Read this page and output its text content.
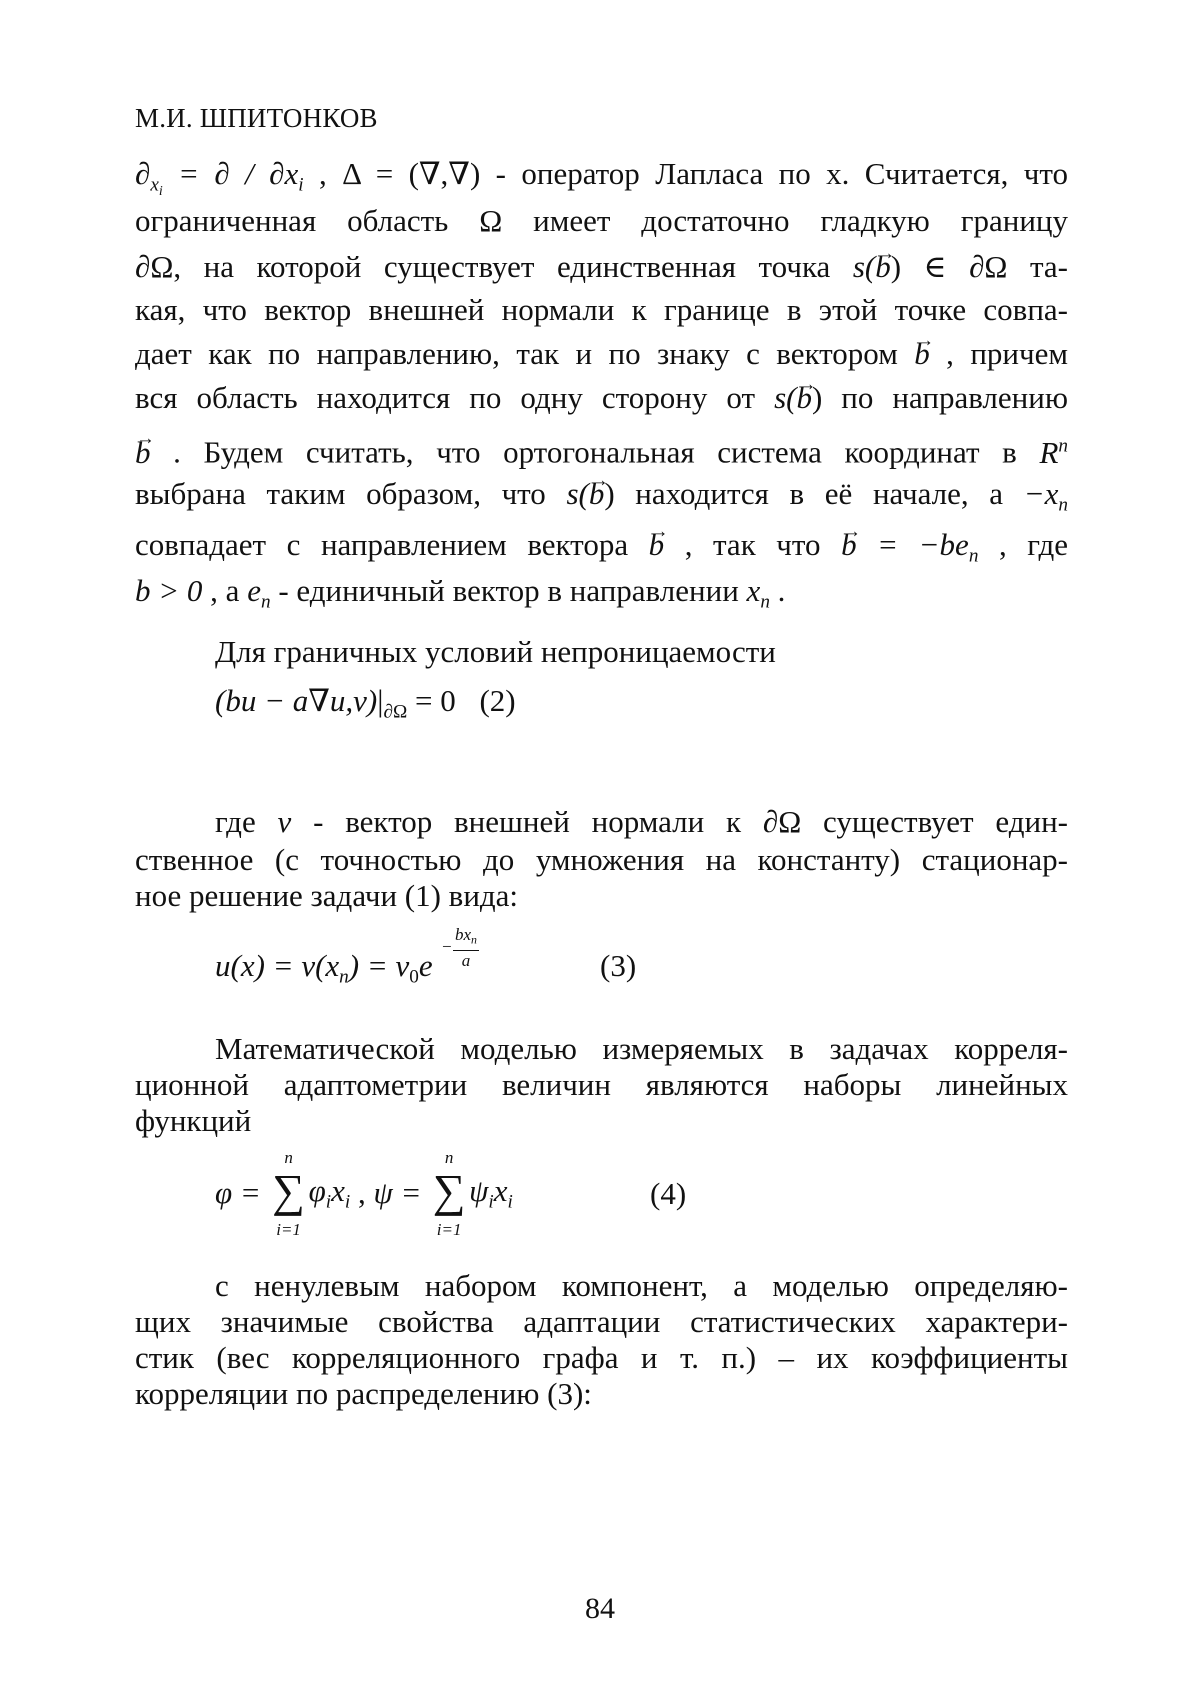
М.И. ШПИТОНКОВ

$\partial_{xi}$ = ∂ / $\partial x_i$ , Δ = (∇,∇) - оператор Лапласа по х. Считается, что

ограниченная область Ω имеет достаточно гладкую границу

∂Ω, на которой существует единственная точка s(→ b) ∈ ∂Ω та-

кая, что вектор внешней нормали к границе в этой точке совпа-

дает как по направлению, так и по знаку с вектором → b , причем

вся область находится по одну сторону от s(→ b) по направлению

→ b . Будем считать, что ортогональная система координат в $R^n$

выбрана таким образом, что s(→ b) находится в её начале, $а -x_n$

совпадает с направлением вектора → b , так что → $b = -be_n$ , где

b > 0 , а $e_n$ - единичный вектор в направлении $x_n$ .

Для граничных условий непроницаемости

$(bu - a\nabla u,\nu)|_{\partial\Omega} = 0$ (2)

где ν - вектор внешней нормали к ∂Ω существует един-

ственное (с точностью до умножения на константу) стационар-

ное решение задачи (1) вида:

$u(x) = v(x_n) = v_0e$
−
$bx_n$
a	(3)

Математической моделью измеряемых в задачах корреля-

ционной адаптометрии величин являются наборы линейных

функций

φ =
n
∑
i=1
$\varphi_ix_i$ , ψ =
n
∑
i=1
$\psi_ix_i$	(4)

с ненулевым набором компонент, а моделью определяю-

щих значимые свойства адаптации статистических характери-

стик (вес корреляционного графа и т. п.) – их коэффициенты

корреляции по распределению (3):

84
